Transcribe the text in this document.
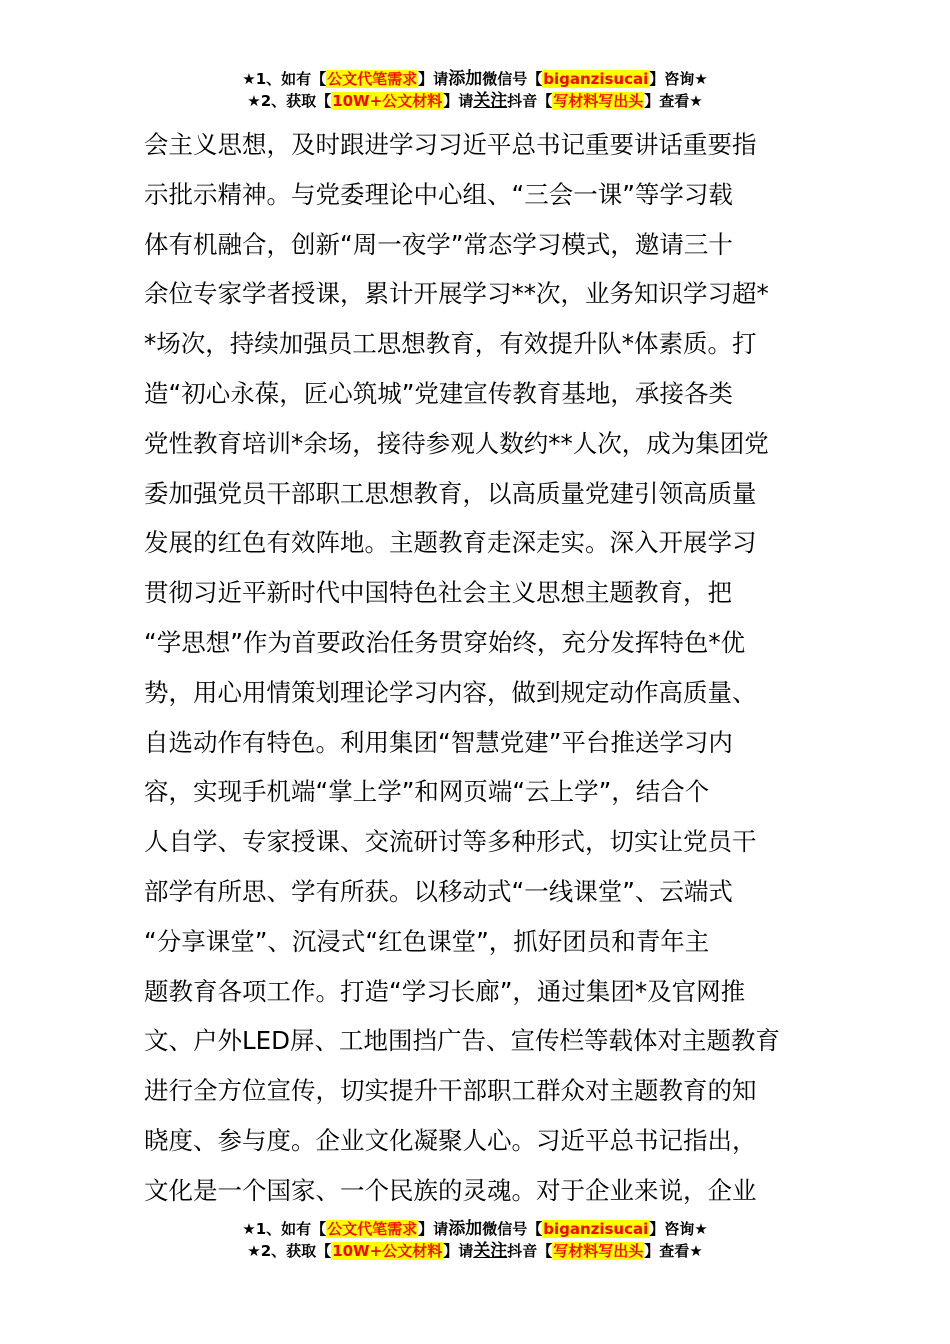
★1、如有【公文代笔需求】请添加微信号【biganzisucai】咨询★
★2、获取【10W+公文材料】请关注抖音【写材料写出头】查看★
会主义思想，及时跟进学习习近平总书记重要讲话重要指
示批示精神。与党委理论中心组、“三会一课”等学习载
体有机融合，创新“周一夜学”常态学习模式，邀请三十
余位专家学者授课，累计开展学习**次，业务知识学习超*
*场次，持续加强员工思想教育，有效提升队*体素质。打
造“初心永葆，匠心筑城”党建宣传教育基地，承接各类
党性教育培训*余场，接待参观人数约**人次，成为集团党
委加强党员干部职工思想教育，以高质量党建引领高质量
发展的红色有效阵地。主题教育走深走实。深入开展学习
贯彻习近平新时代中国特色社会主义思想主题教育，把
“学思想”作为首要政治任务贯穿始终，充分发挥特色*优
势，用心用情策划理论学习内容，做到规定动作高质量、
自选动作有特色。利用集团“智慧党建”平台推送学习内
容，实现手机端“掌上学”和网页端“云上学”，结合个
人自学、专家授课、交流研讨等多种形式，切实让党员干
部学有所思、学有所获。以移动式“一线课堂”、云端式
“分享课堂”、沉浸式“红色课堂”，抓好团员和青年主
题教育各项工作。打造“学习长廊”，通过集团*及官网推
文、户外LED屏、工地围挡广告、宣传栏等载体对主题教育
进行全方位宣传，切实提升干部职工群众对主题教育的知
晓度、参与度。企业文化凝聚人心。习近平总书记指出，
文化是一个国家、一个民族的灵魂。对于企业来说，企业
★1、如有【公文代笔需求】请添加微信号【biganzisucai】咨询★
★2、获取【10W+公文材料】请关注抖音【写材料写出头】查看★
